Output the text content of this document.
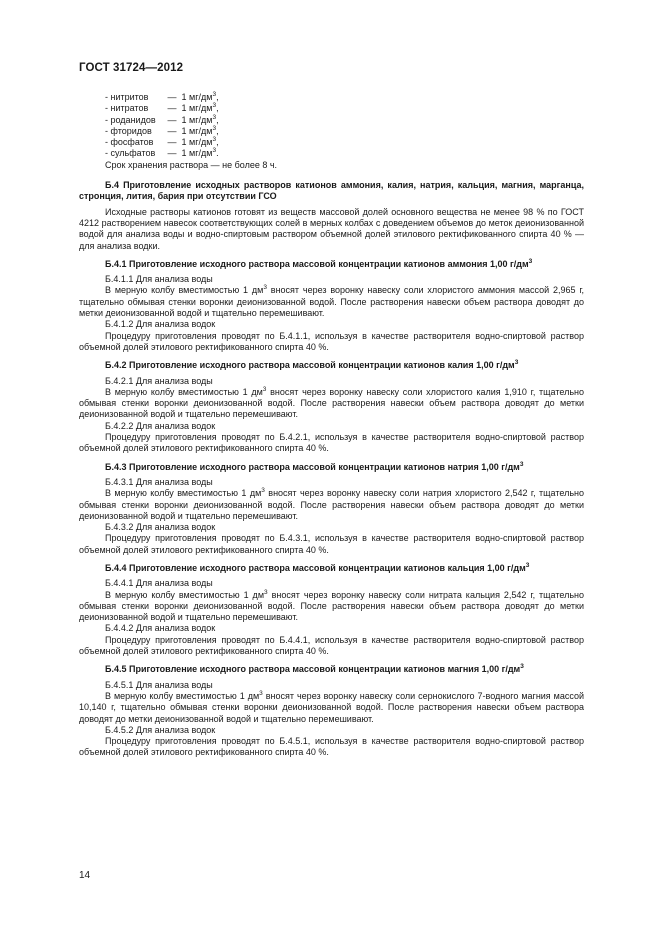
ГОСТ 31724—2012
- нитритов — 1 $мг/дм^3$,
- нитратов — 1 $мг/дм^3$,
- роданидов — 1 $мг/дм^3$,
- фторидов — 1 $мг/дм^3$,
- фосфатов — 1 $мг/дм^3$,
- сульфатов — 1 $мг/дм^3$.
Срок хранения раствора — не более 8 ч.

Б.4 Приготовление исходных растворов катионов аммония, калия, натрия, кальция, магния, марганца, стронция, лития, бария при отсутствии ГСО

Исходные растворы катионов готовят из веществ массовой долей основного вещества не менее 98 % по ГОСТ 4212 растворением навесок соответствующих солей в мерных колбах с доведением объемов до меток деионизованной водой для анализа воды и водно-спиртовым раствором объемной долей этилового ректификованного спирта 40 % — для анализа водки.

Б.4.1 Приготовление исходного раствора массовой концентрации катионов аммония 1,00 $г/дм^3$

Б.4.1.1 Для анализа воды

В мерную колбу вместимостью 1 $дм^3$ вносят через воронку навеску соли хлористого аммония массой 2,965 г, тщательно обмывая стенки воронки деионизованной водой. После растворения навески объем раствора доводят до метки деионизованной водой и тщательно перемешивают.

Б.4.1.2 Для анализа водок

Процедуру приготовления проводят по Б.4.1.1, используя в качестве растворителя водно-спиртовой раствор объемной долей этилового ректификованного спирта 40 %.

Б.4.2 Приготовление исходного раствора массовой концентрации катионов калия 1,00 $г/дм^3$

Б.4.2.1 Для анализа воды

В мерную колбу вместимостью 1 $дм^3$ вносят через воронку навеску соли хлористого калия 1,910 г, тщательно обмывая стенки воронки деионизованной водой. После растворения навески объем раствора доводят до метки деионизованной водой и тщательно перемешивают.

Б.4.2.2 Для анализа водок

Процедуру приготовления проводят по Б.4.2.1, используя в качестве растворителя водно-спиртовой раствор объемной долей этилового ректификованного спирта 40 %.

Б.4.3 Приготовление исходного раствора массовой концентрации катионов натрия 1,00 $г/дм^3$

Б.4.3.1 Для анализа воды

В мерную колбу вместимостью 1 $дм^3$ вносят через воронку навеску соли натрия хлористого 2,542 г, тщательно обмывая стенки воронки деионизованной водой. После растворения навески объем раствора доводят до метки деионизованной водой и тщательно перемешивают.

Б.4.3.2 Для анализа водок

Процедуру приготовления проводят по Б.4.3.1, используя в качестве растворителя водно-спиртовой раствор объемной долей этилового ректификованного спирта 40 %.

Б.4.4 Приготовление исходного раствора массовой концентрации катионов кальция 1,00 $г/дм^3$

Б.4.4.1 Для анализа воды

В мерную колбу вместимостью 1 $дм^3$ вносят через воронку навеску соли нитрата кальция 2,542 г, тщательно обмывая стенки воронки деионизованной водой. После растворения навески объем раствора доводят до метки деионизованной водой и тщательно перемешивают.

Б.4.4.2 Для анализа водок

Процедуру приготовления проводят по Б.4.4.1, используя в качестве растворителя водно-спиртовой раствор объемной долей этилового ректификованного спирта 40 %.

Б.4.5 Приготовление исходного раствора массовой концентрации катионов магния 1,00 $г/дм^3$

Б.4.5.1 Для анализа воды

В мерную колбу вместимостью 1 $дм^3$ вносят через воронку навеску соли сернокислого 7-водного магния массой 10,140 г, тщательно обмывая стенки воронки деионизованной водой. После растворения навески объем раствора доводят до метки деионизованной водой и тщательно перемешивают.

Б.4.5.2 Для анализа водок

Процедуру приготовления проводят по Б.4.5.1, используя в качестве растворителя водно-спиртовой раствор объемной долей этилового ректификованного спирта 40 %.

14
